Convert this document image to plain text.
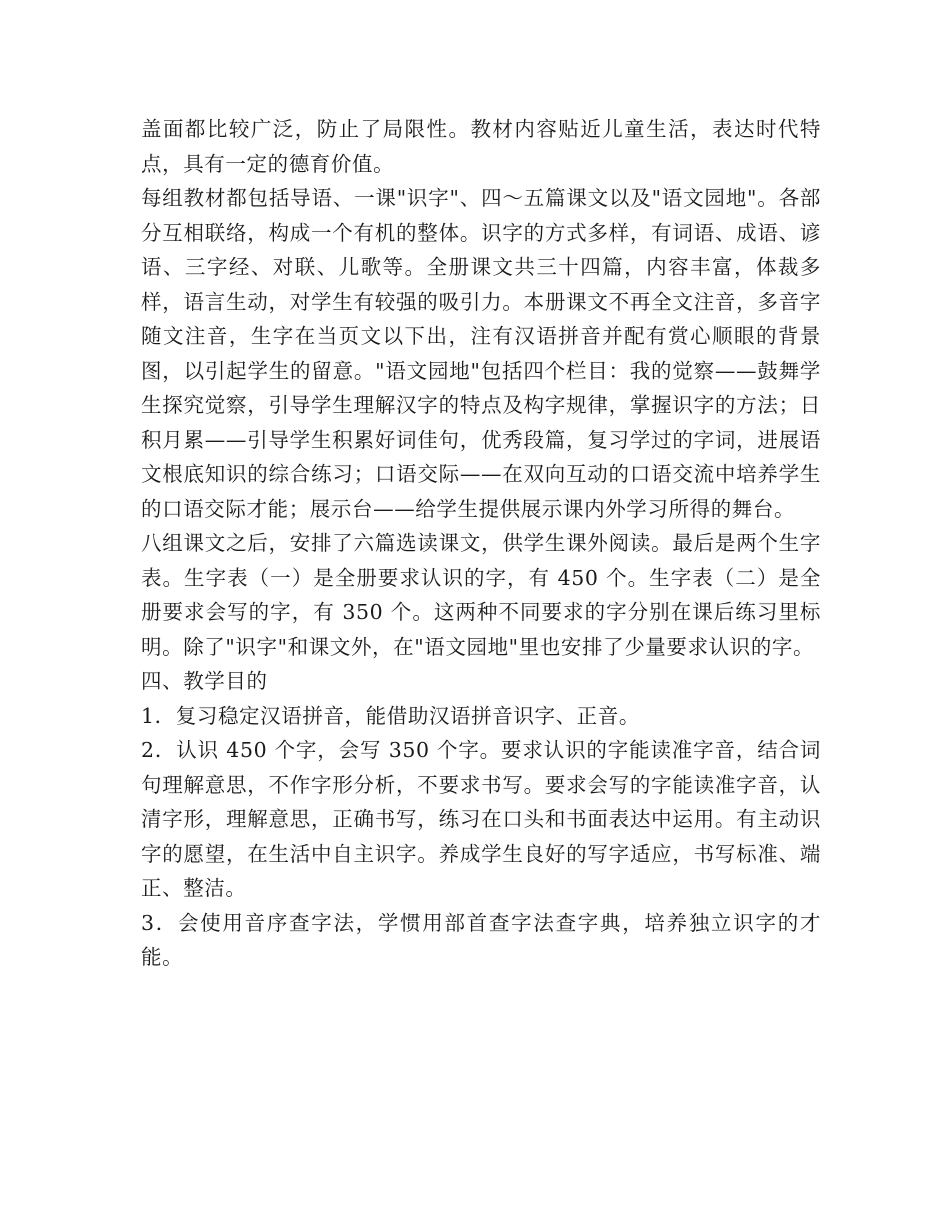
盖面都比较广泛，防止了局限性。教材内容贴近儿童生活，表达时代特点，具有一定的德育价值。

每组教材都包括导语、一课"识字"、四～五篇课文以及"语文园地"。各部分互相联络，构成一个有机的整体。识字的方式多样，有词语、成语、谚语、三字经、对联、儿歌等。全册课文共三十四篇，内容丰富，体裁多样，语言生动，对学生有较强的吸引力。本册课文不再全文注音，多音字随文注音，生字在当页文以下出，注有汉语拼音并配有赏心顺眼的背景图，以引起学生的留意。"语文园地"包括四个栏目：我的觉察——鼓舞学生探究觉察，引导学生理解汉字的特点及构字规律，掌握识字的方法；日积月累——引导学生积累好词佳句，优秀段篇，复习学过的字词，进展语文根底知识的综合练习；口语交际——在双向互动的口语交流中培养学生的口语交际才能；展示台——给学生提供展示课内外学习所得的舞台。

八组课文之后，安排了六篇选读课文，供学生课外阅读。最后是两个生字表。生字表（一）是全册要求认识的字，有 450 个。生字表（二）是全册要求会写的字，有 350 个。这两种不同要求的字分别在课后练习里标明。除了"识字"和课文外，在"语文园地"里也安排了少量要求认识的字。

四、教学目的

1．复习稳定汉语拼音，能借助汉语拼音识字、正音。

2．认识 450 个字，会写 350 个字。要求认识的字能读准字音，结合词句理解意思，不作字形分析，不要求书写。要求会写的字能读准字音，认清字形，理解意思，正确书写，练习在口头和书面表达中运用。有主动识字的愿望，在生活中自主识字。养成学生良好的写字适应，书写标准、端正、整洁。

3．会使用音序查字法，学惯用部首查字法查字典，培养独立识字的才能。
